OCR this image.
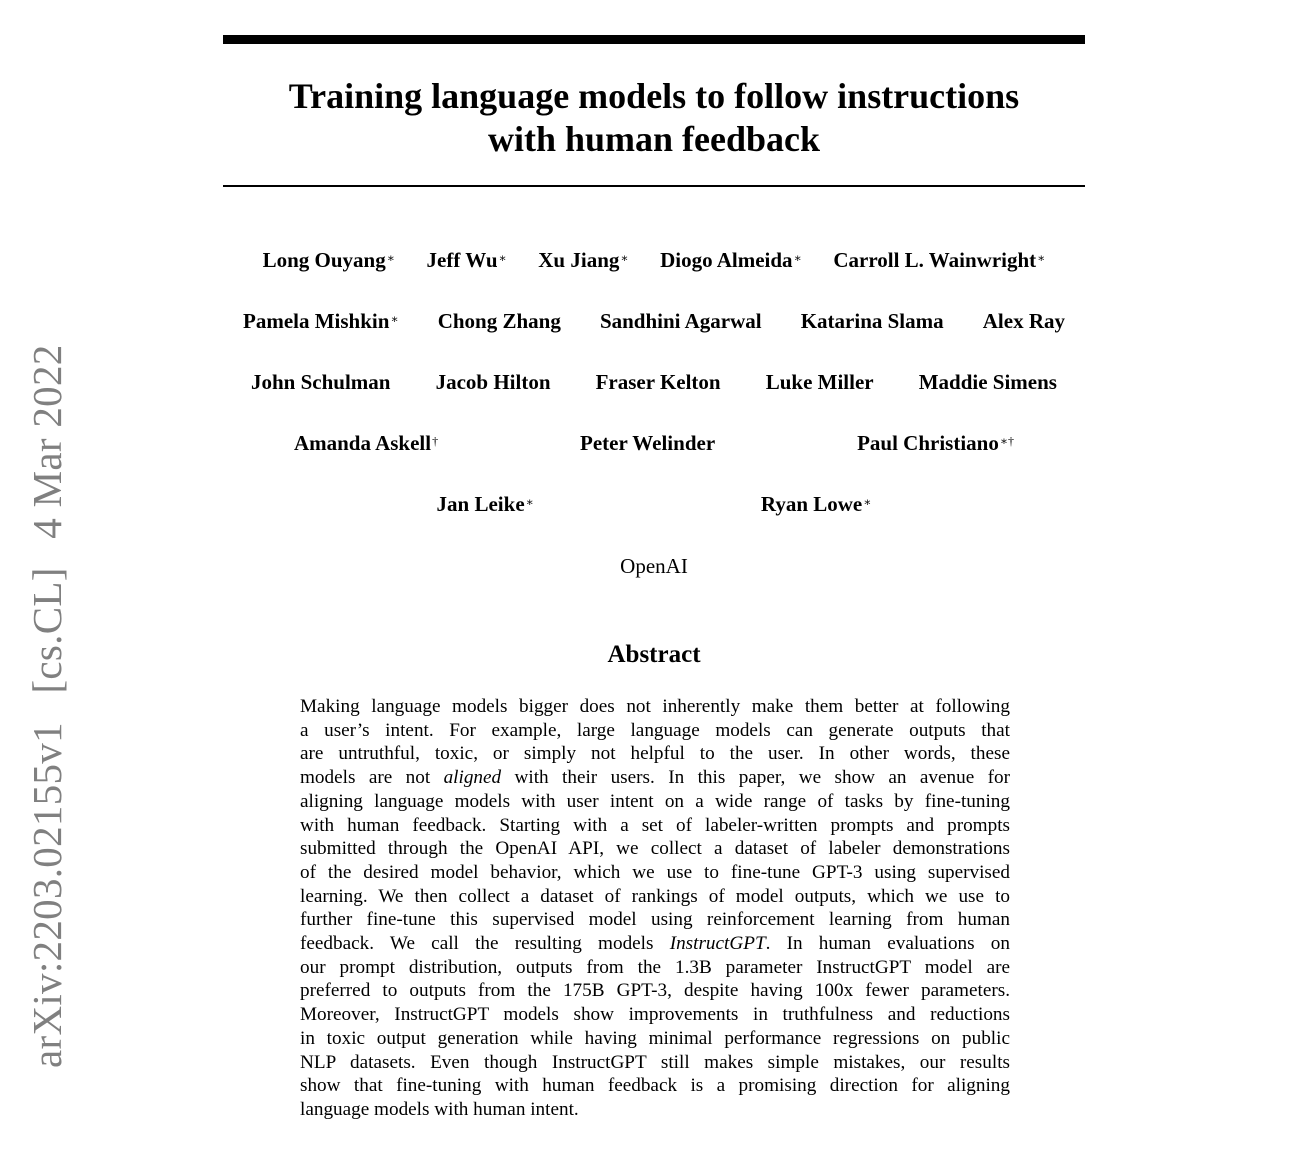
arXiv:2203.02155v1 [cs.CL] 4 Mar 2022
Training language models to follow instructions
with human feedback
Long Ouyang∗ Jeff Wu∗ Xu Jiang∗ Diogo Almeida∗ Carroll L. Wainwright∗
Pamela Mishkin∗ Chong Zhang Sandhini Agarwal Katarina Slama Alex Ray
John Schulman Jacob Hilton Fraser Kelton Luke Miller Maddie Simens
Amanda Askell†	Peter Welinder	Paul Christiano∗†
Jan Leike∗	Ryan Lowe∗
OpenAI
Abstract
Making language models bigger does not inherently make them better at following
a user’s intent. For example, large language models can generate outputs that
are untruthful, toxic, or simply not helpful to the user. In other words, these
models are not aligned with their users. In this paper, we show an avenue for
aligning language models with user intent on a wide range of tasks by fine-tuning
with human feedback. Starting with a set of labeler-written prompts and prompts
submitted through the OpenAI API, we collect a dataset of labeler demonstrations
of the desired model behavior, which we use to fine-tune GPT-3 using supervised
learning. We then collect a dataset of rankings of model outputs, which we use to
further fine-tune this supervised model using reinforcement learning from human
feedback. We call the resulting models InstructGPT. In human evaluations on
our prompt distribution, outputs from the 1.3B parameter InstructGPT model are
preferred to outputs from the 175B GPT-3, despite having 100x fewer parameters.
Moreover, InstructGPT models show improvements in truthfulness and reductions
in toxic output generation while having minimal performance regressions on public
NLP datasets. Even though InstructGPT still makes simple mistakes, our results
show that fine-tuning with human feedback is a promising direction for aligning
language models with human intent.
